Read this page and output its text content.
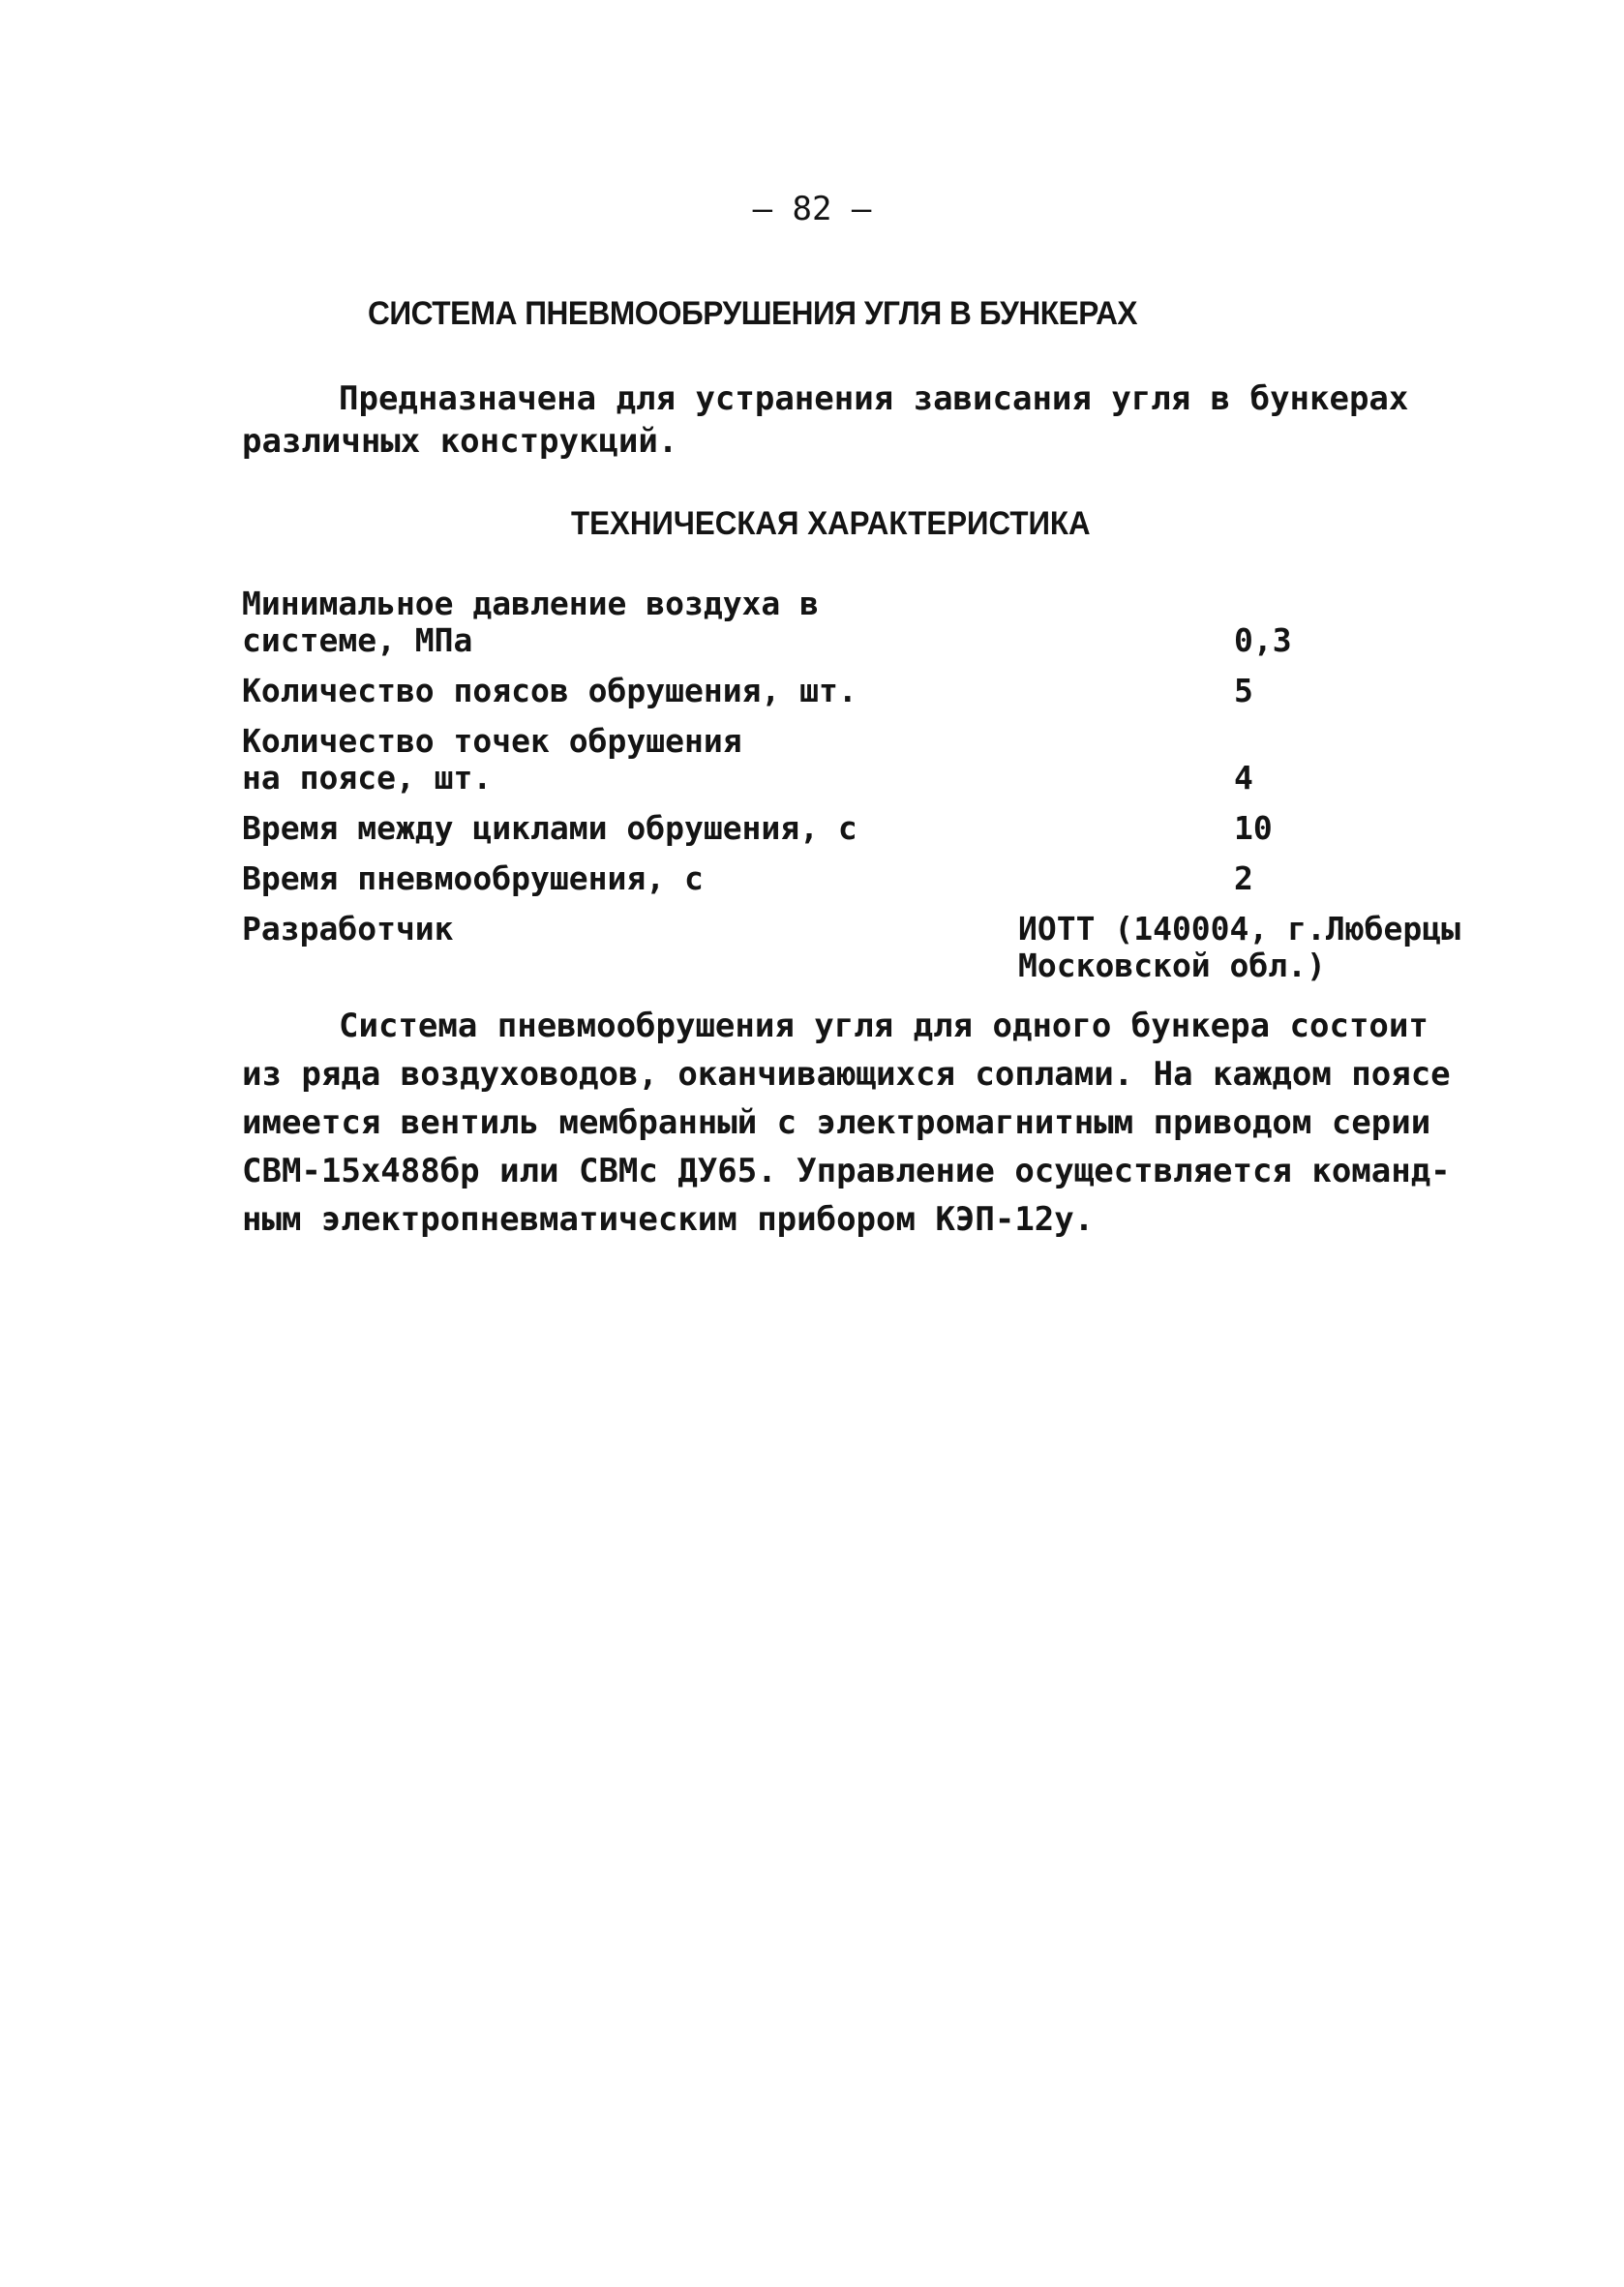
— 82 —
СИСТЕМА ПНЕВМООБРУШЕНИЯ УГЛЯ В БУНКЕРАХ
Предназначена для устранения зависания угля в бункерах
различных конструкций.
ТЕХНИЧЕСКАЯ ХАРАКТЕРИСТИКА
Минимальное давление воздуха в системе, МПа	0,3
Количество поясов обрушения, шт.	5
Количество точек обрушения на поясе, шт.	4
Время между циклами обрушения, с	10
Время пневмообрушения, с	2
Разработчик	ИОТТ (140004, г.Люберцы Московской обл.)
Система пневмообрушения угля для одного бункера состоит
из ряда воздуховодов, оканчивающихся соплами. На каждом поясе
имеется вентиль мембранный с электромагнитным приводом серии
СВМ-15х488бр или СВМс ДУ65. Управление осуществляется команд-
ным электропневматическим прибором КЭП-12у.
